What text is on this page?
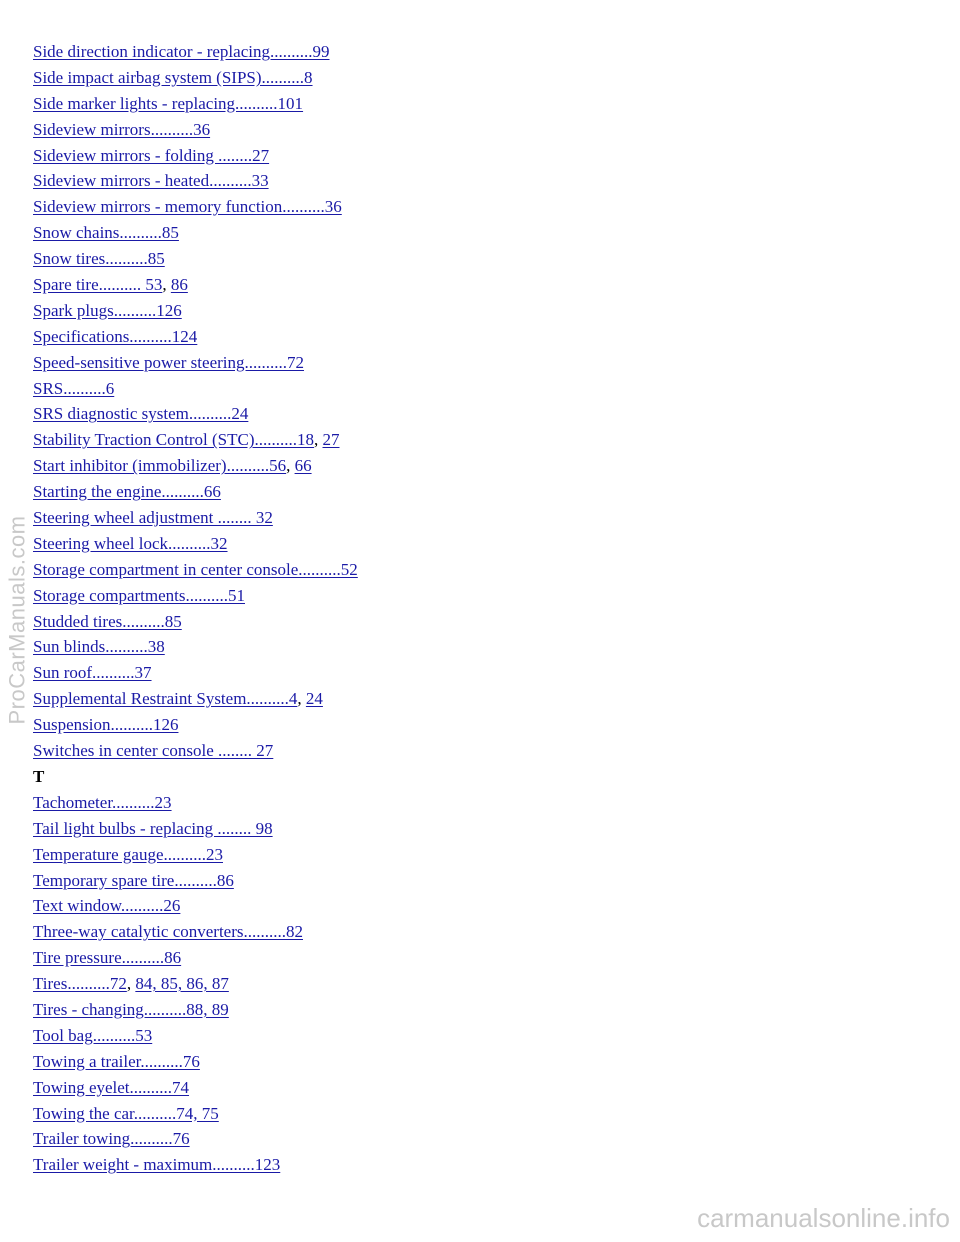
Side direction indicator - replacing..........99
Side impact airbag system (SIPS)..........8
Side marker lights - replacing..........101
Sideview mirrors..........36
Sideview mirrors - folding ........27
Sideview mirrors - heated..........33
Sideview mirrors - memory function..........36
Snow chains..........85
Snow tires..........85
Spare tire.......... 53, 86
Spark plugs..........126
Specifications..........124
Speed-sensitive power steering..........72
SRS..........6
SRS diagnostic system..........24
Stability Traction Control (STC)..........18, 27
Start inhibitor (immobilizer)..........56, 66
Starting the engine..........66
Steering wheel adjustment ........ 32
Steering wheel lock..........32
Storage compartment in center console..........52
Storage compartments..........51
Studded tires..........85
Sun blinds..........38
Sun roof..........37
Supplemental Restraint System..........4, 24
Suspension..........126
Switches in center console ........ 27
T
Tachometer..........23
Tail light bulbs - replacing ........ 98
Temperature gauge..........23
Temporary spare tire..........86
Text window..........26
Three-way catalytic converters..........82
Tire pressure..........86
Tires..........72, 84, 85, 86, 87
Tires - changing..........88, 89
Tool bag..........53
Towing a trailer..........76
Towing eyelet..........74
Towing the car..........74, 75
Trailer towing..........76
Trailer weight - maximum..........123
ProCarManuals.com
carmanualsonline.info
